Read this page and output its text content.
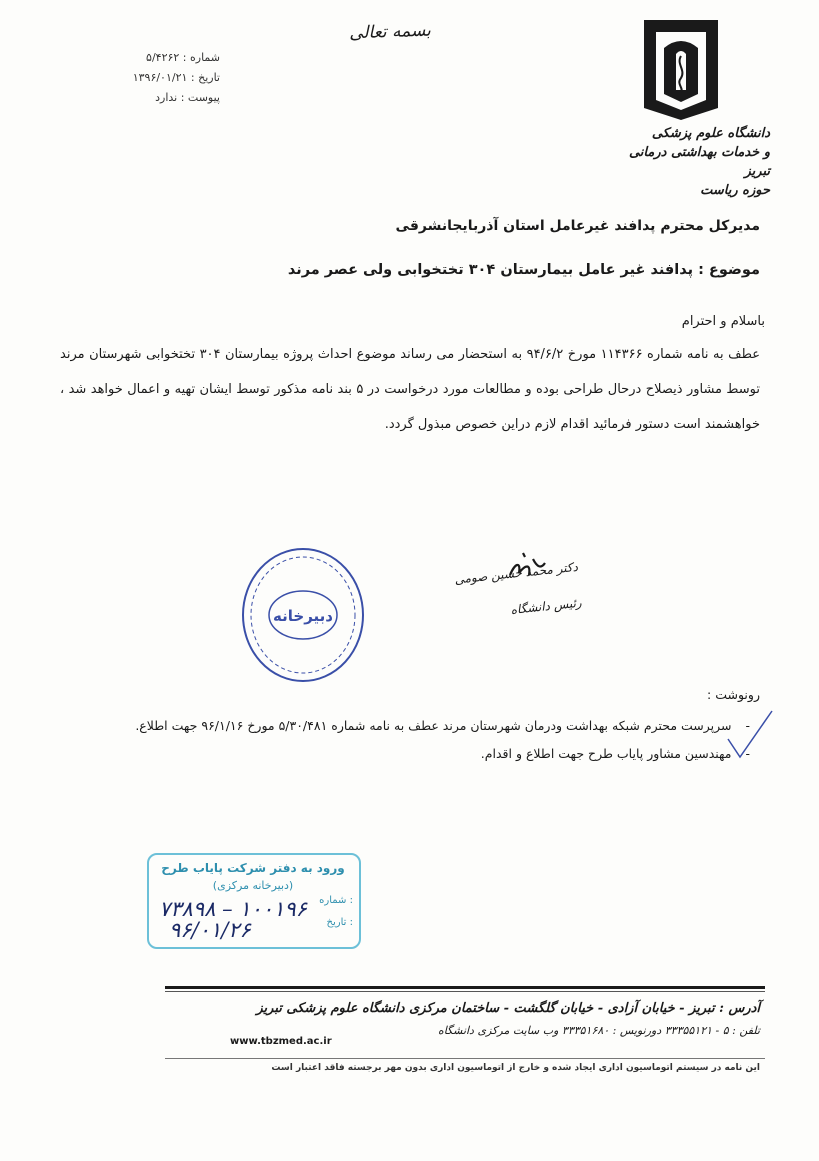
بسمه تعالی
شماره : ۵/۴۲۶۲
تاریخ : ۱۳۹۶/۰۱/۲۱
پیوست : ندارد
دانشگاه علوم پزشکی
و خدمات بهداشتی درمانی تبریز
حوزه ریاست
مدیرکل محترم پدافند غیرعامل استان آذربایجانشرقی
موضوع : پدافند غیر عامل بیمارستان ۳۰۴ تختخوابی ولی عصر مرند
باسلام و احترام
عطف به نامه شماره ۱۱۴۳۶۶ مورخ ۹۴/۶/۲ به استحضار می رساند موضوع احداث پروژه بیمارستان ۳۰۴ تختخوابی شهرستان مرند توسط مشاور ذیصلاح درحال طراحی بوده و مطالعات مورد درخواست در ۵ بند نامه مذکور توسط ایشان تهیه و اعمال خواهد شد ، خواهشمند است دستور فرمائید اقدام لازم دراین خصوص مبذول گردد.
دکتر محمد حسین صومی
رئیس دانشگاه
دبیرخانه
رونوشت :
-سرپرست محترم شبکه بهداشت ودرمان شهرستان مرند عطف به نامه شماره ۵/۳۰/۴۸۱ مورخ ۹۶/۱/۱۶ جهت اطلاع.
-مهندسین مشاور پایاب طرح جهت اطلاع و اقدام.
ورود به دفتر شرکت پایاب طرح
(دبیرخانه مرکزی)
شماره :
تاریخ :
۱۰۰۱۹۶ – ۷۳۸۹۸
۹۶/۰۱/۲۶
آدرس : تبریز - خیابان آزادی - خیابان گلگشت - ساختمان مرکزی دانشگاه علوم پزشکی تبریز
تلفن : ۵ - ۳۳۳۵۵۱۲۱ دورنویس : ۳۳۳۵۱۶۸۰ وب سایت مرکزی دانشگاه
www.tbzmed.ac.ir
این نامه در سیستم اتوماسیون اداری ایجاد شده و خارج از اتوماسیون اداری بدون مهر برجسته فاقد اعتبار است
